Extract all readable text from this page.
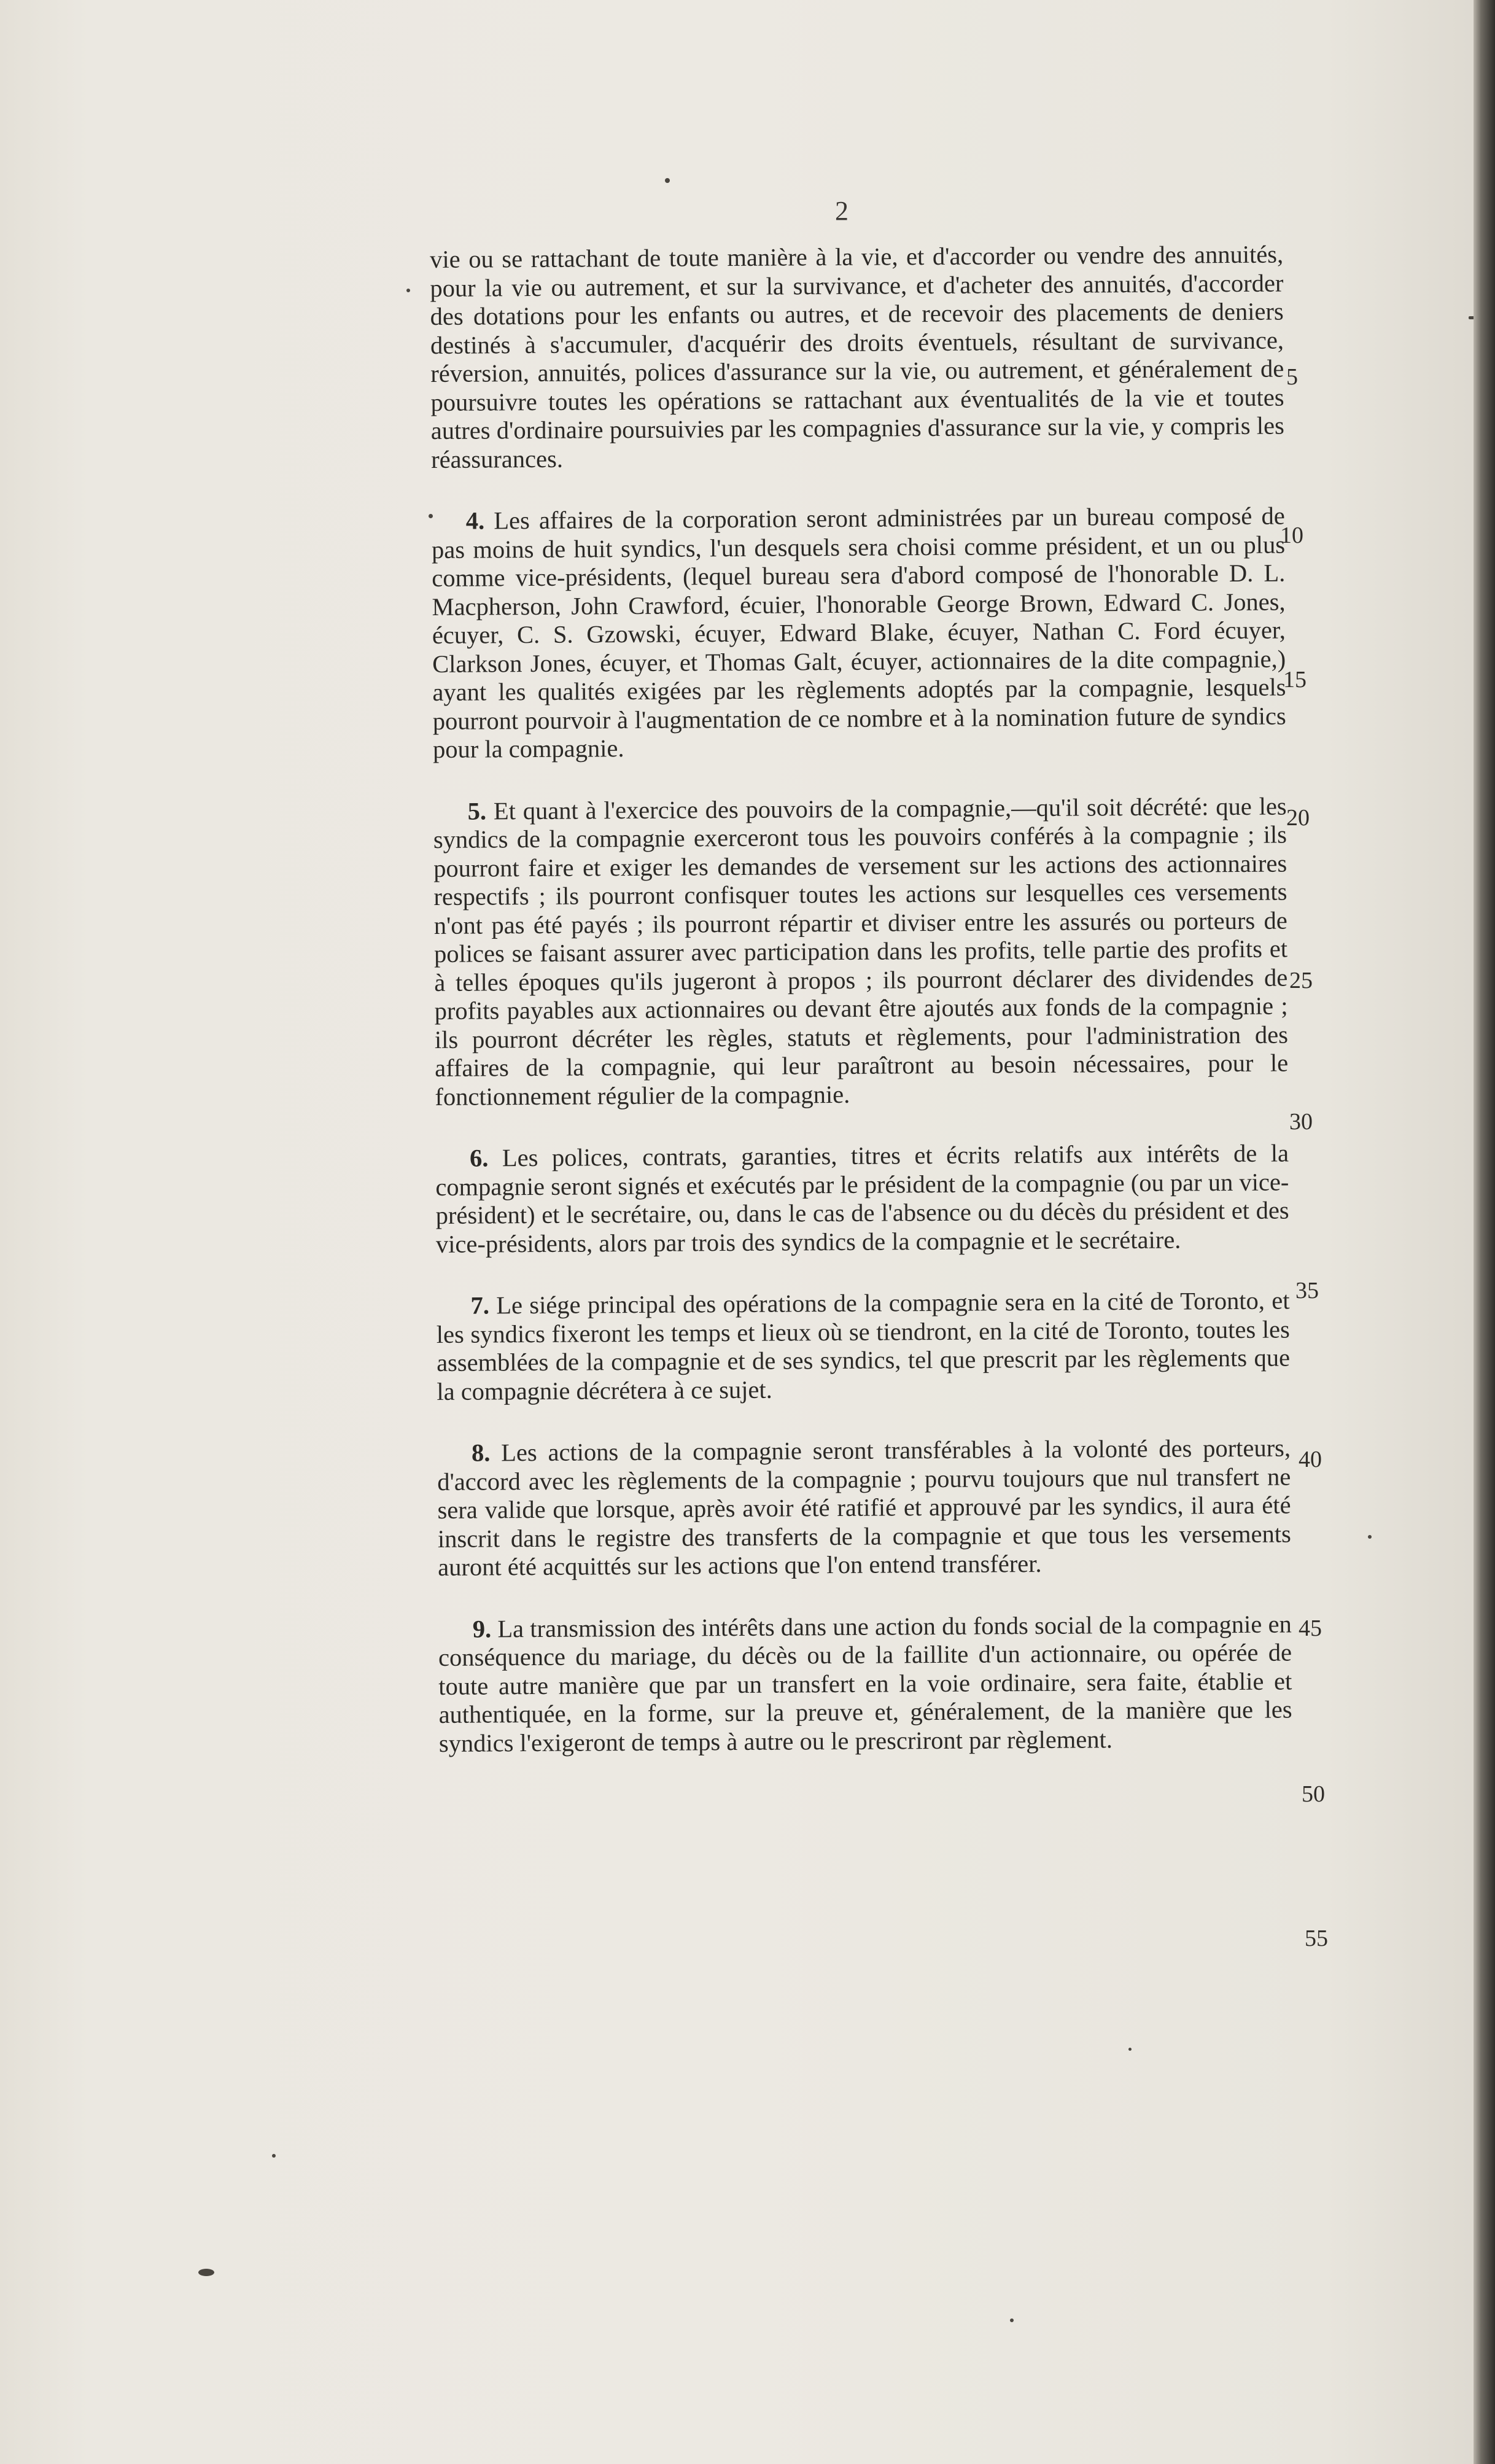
2

vie ou se rattachant de toute manière à la vie, et d'accorder ou vendre des annuités, pour la vie ou autrement, et sur la survivance, et d'acheter des annuités, d'accorder des dotations pour les enfants ou autres, et de recevoir des placements de deniers destinés à s'accumuler, d'acquérir des droits éventuels, résultant de survivance, réversion, annuités, polices d'assurance sur la vie, ou autrement, et généralement de poursuivre toutes les opérations se rattachant aux éventualités de la vie et toutes autres d'ordinaire poursuivies par les compagnies d'assurance sur la vie, y compris les réassurances.

4. Les affaires de la corporation seront administrées par un bureau composé de pas moins de huit syndics, l'un desquels sera choisi comme président, et un ou plus comme vice-présidents, (lequel bureau sera d'abord composé de l'honorable D. L. Macpherson, John Crawford, écuier, l'honorable George Brown, Edward C. Jones, écuyer, C. S. Gzowski, écuyer, Edward Blake, écuyer, Nathan C. Ford écuyer, Clarkson Jones, écuyer, et Thomas Galt, écuyer, actionnaires de la dite compagnie,) ayant les qualités exigées par les règlements adoptés par la compagnie, lesquels pourront pourvoir à l'augmentation de ce nombre et à la nomination future de syndics pour la compagnie.

5. Et quant à l'exercice des pouvoirs de la compagnie,—qu'il soit décrété: que les syndics de la compagnie exerceront tous les pouvoirs conférés à la compagnie ; ils pourront faire et exiger les demandes de versement sur les actions des actionnaires respectifs ; ils pourront confisquer toutes les actions sur lesquelles ces versements n'ont pas été payés ; ils pourront répartir et diviser entre les assurés ou porteurs de polices se faisant assurer avec participation dans les profits, telle partie des profits et à telles époques qu'ils jugeront à propos ; ils pourront déclarer des dividendes de profits payables aux actionnaires ou devant être ajoutés aux fonds de la compagnie ; ils pourront décréter les règles, statuts et règlements, pour l'administration des affaires de la compagnie, qui leur paraîtront au besoin nécessaires, pour le fonctionnement régulier de la compagnie.

6. Les polices, contrats, garanties, titres et écrits relatifs aux intérêts de la compagnie seront signés et exécutés par le président de la compagnie (ou par un vice-président) et le secrétaire, ou, dans le cas de l'absence ou du décès du président et des vice-présidents, alors par trois des syndics de la compagnie et le secrétaire.

7. Le siége principal des opérations de la compagnie sera en la cité de Toronto, et les syndics fixeront les temps et lieux où se tiendront, en la cité de Toronto, toutes les assemblées de la compagnie et de ses syndics, tel que prescrit par les règlements que la compagnie décrétera à ce sujet.

8. Les actions de la compagnie seront transférables à la volonté des porteurs, d'accord avec les règlements de la compagnie ; pourvu toujours que nul transfert ne sera valide que lorsque, après avoir été ratifié et approuvé par les syndics, il aura été inscrit dans le registre des transferts de la compagnie et que tous les versements auront été acquittés sur les actions que l'on entend transférer.

9. La transmission des intérêts dans une action du fonds social de la compagnie en conséquence du mariage, du décès ou de la faillite d'un actionnaire, ou opérée de toute autre manière que par un transfert en la voie ordinaire, sera faite, établie et authentiquée, en la forme, sur la preuve et, généralement, de la manière que les syndics l'exigeront de temps à autre ou le prescriront par règlement.

5
10
15
20
25
30
35
40
45
50
55
